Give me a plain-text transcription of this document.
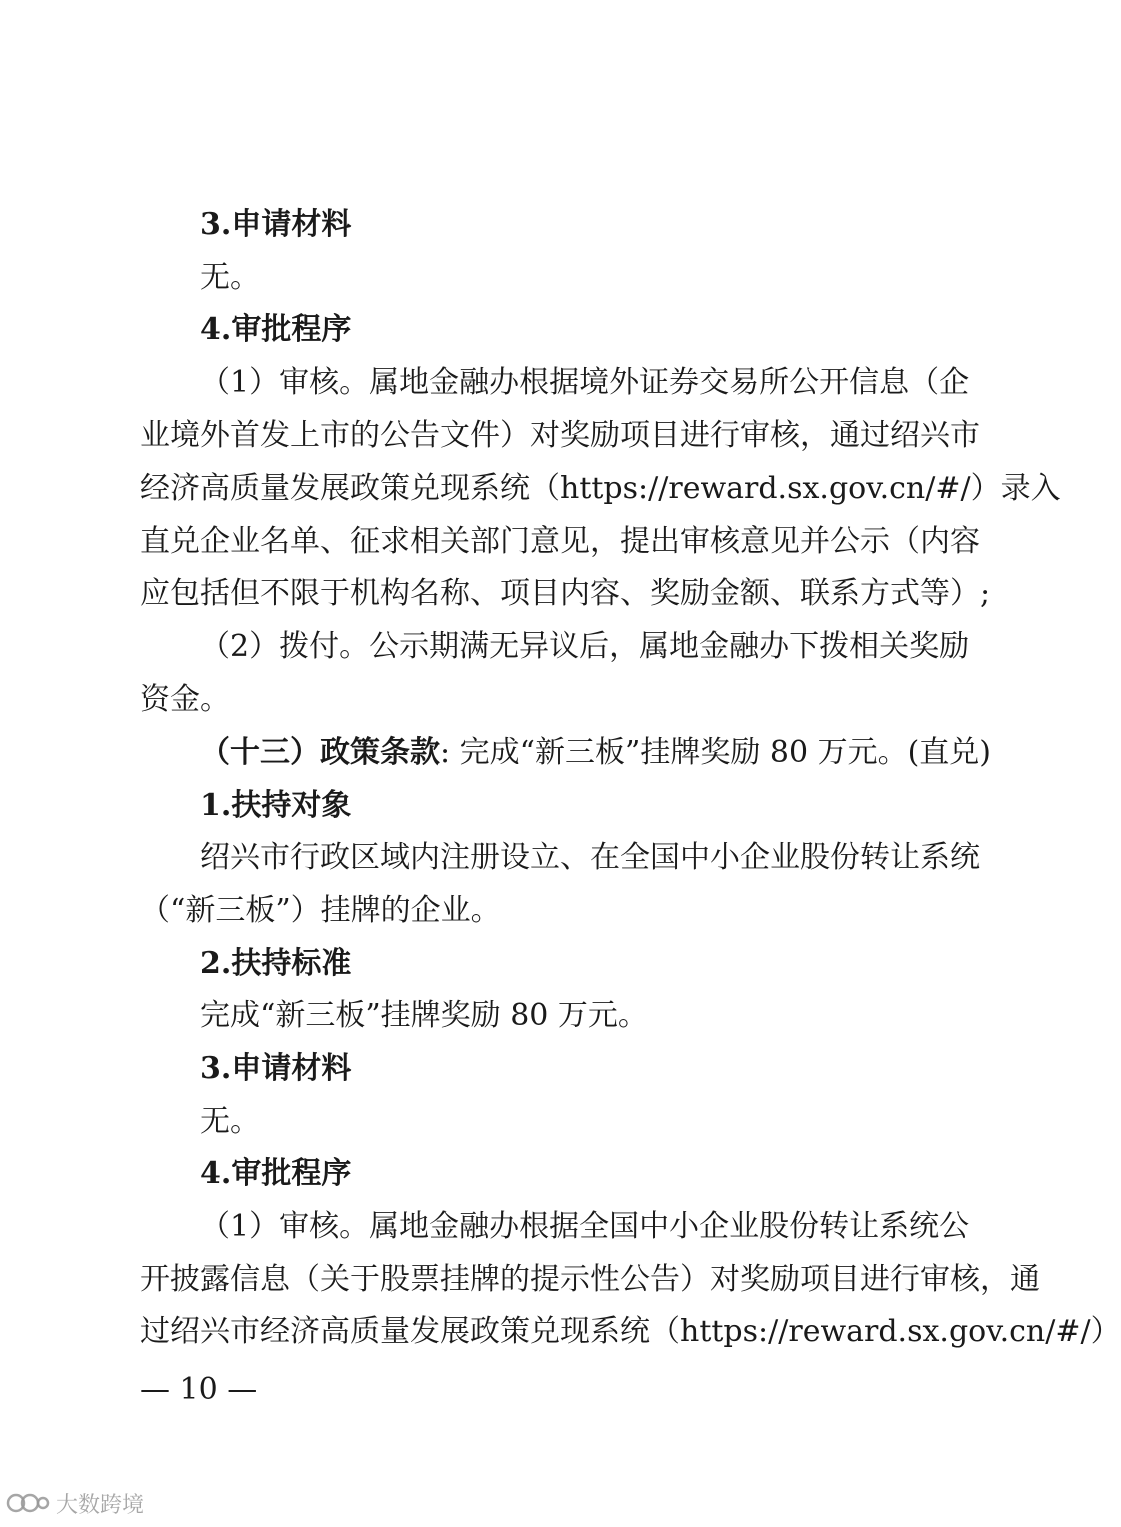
3.申请材料
无。
4.审批程序
（1）审核。属地金融办根据境外证券交易所公开信息（企
业境外首发上市的公告文件）对奖励项目进行审核，通过绍兴市
经济高质量发展政策兑现系统（https://reward.sx.gov.cn/#/）录入
直兑企业名单、征求相关部门意见，提出审核意见并公示（内容
应包括但不限于机构名称、项目内容、奖励金额、联系方式等）;
（2）拨付。公示期满无异议后，属地金融办下拨相关奖励
资金。
（十三）政策条款: 完成“新三板”挂牌奖励 80 万元。(直兑)
1.扶持对象
绍兴市行政区域内注册设立、在全国中小企业股份转让系统
（“新三板”）挂牌的企业。
2.扶持标准
完成“新三板”挂牌奖励 80 万元。
3.申请材料
无。
4.审批程序
（1）审核。属地金融办根据全国中小企业股份转让系统公
开披露信息（关于股票挂牌的提示性公告）对奖励项目进行审核，通
过绍兴市经济高质量发展政策兑现系统（https://reward.sx.gov.cn/#/）
— 10 —
大数跨境
